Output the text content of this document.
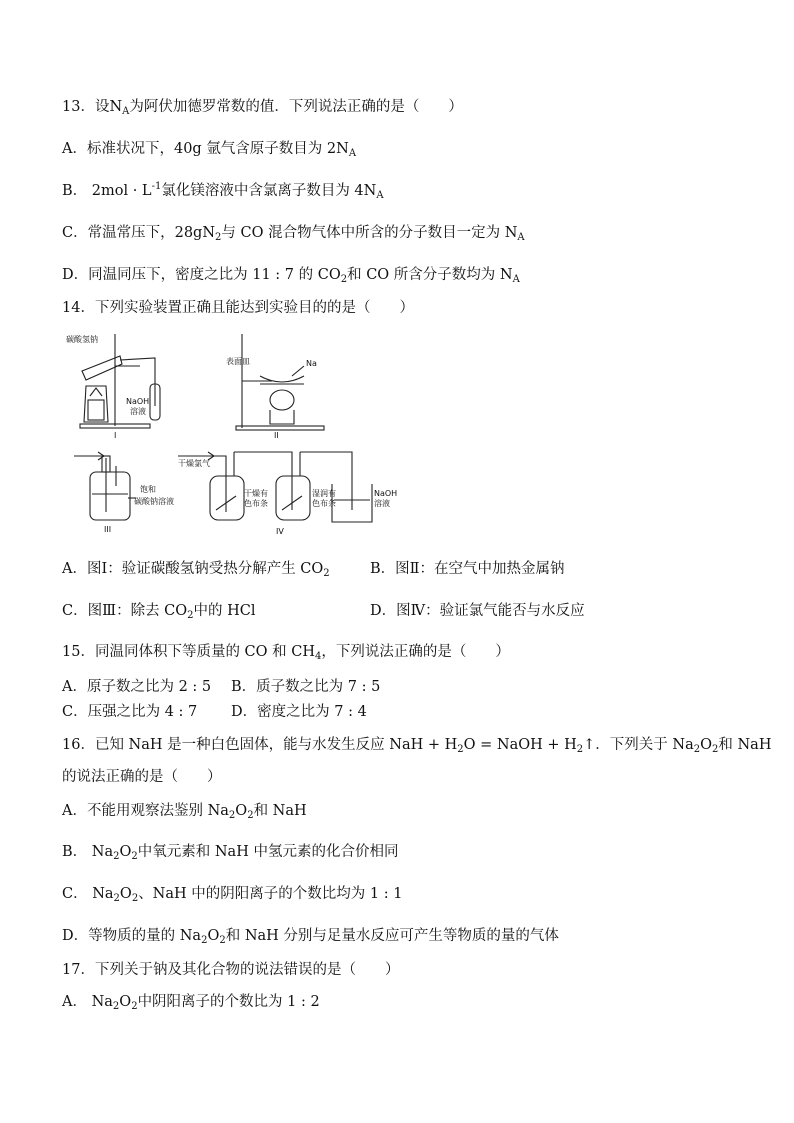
13．设$N_A$为阿伏加德罗常数的值．下列说法正确的是（　　）
A．标准状况下，40g 氩气含原子数目为 $2N_A$
B． $2mol \cdot L^{-1}$氯化镁溶液中含氯离子数目为 $4N_A$
C．常温常压下，$28gN_2$与 CO 混合物气体中所含的分子数目一定为 $N_A$
D．同温同压下，密度之比为 11 : 7 的 $CO_2$和 CO 所含分子数均为 $N_A$
14．下列实验装置正确且能达到实验目的的是（　　）
碳酸氢钠
NaOH
溶液
I
表面皿	Na
II
饱和
碳酸钠溶液
III
干燥氯气
干燥有
色布条
湿润有
色布条
NaOH
溶液
IV
A．图I：验证碳酸氢钠受热分解产生 $CO_2$	B．图Ⅱ：在空气中加热金属钠
C．图Ⅲ：除去 $CO_2$中的 HCl	D．图Ⅳ：验证氯气能否与水反应
15．同温同体积下等质量的 CO 和 $CH_4$，下列说法正确的是（　　）
A．原子数之比为 2 : 5 B．质子数之比为 7 : 5
C．压强之比为 4 : 7 D．密度之比为 7 : 4
16．已知 NaH 是一种白色固体，能与水发生反应 NaH + $H_2O$ = NaOH + $H_2↑$．下列关于 $Na_2O_2$和 NaH
的说法正确的是（　　）
A．不能用观察法鉴别 $Na_2O_2$和 NaH
B． $Na_2O_2$中氧元素和 NaH 中氢元素的化合价相同
C． $Na_2O_2$、NaH 中的阴阳离子的个数比均为 1 : 1
D．等物质的量的 $Na_2O_2$和 NaH 分别与足量水反应可产生等物质的量的气体
17．下列关于钠及其化合物的说法错误的是（　　）
A． $Na_2O_2$中阴阳离子的个数比为 1 : 2
